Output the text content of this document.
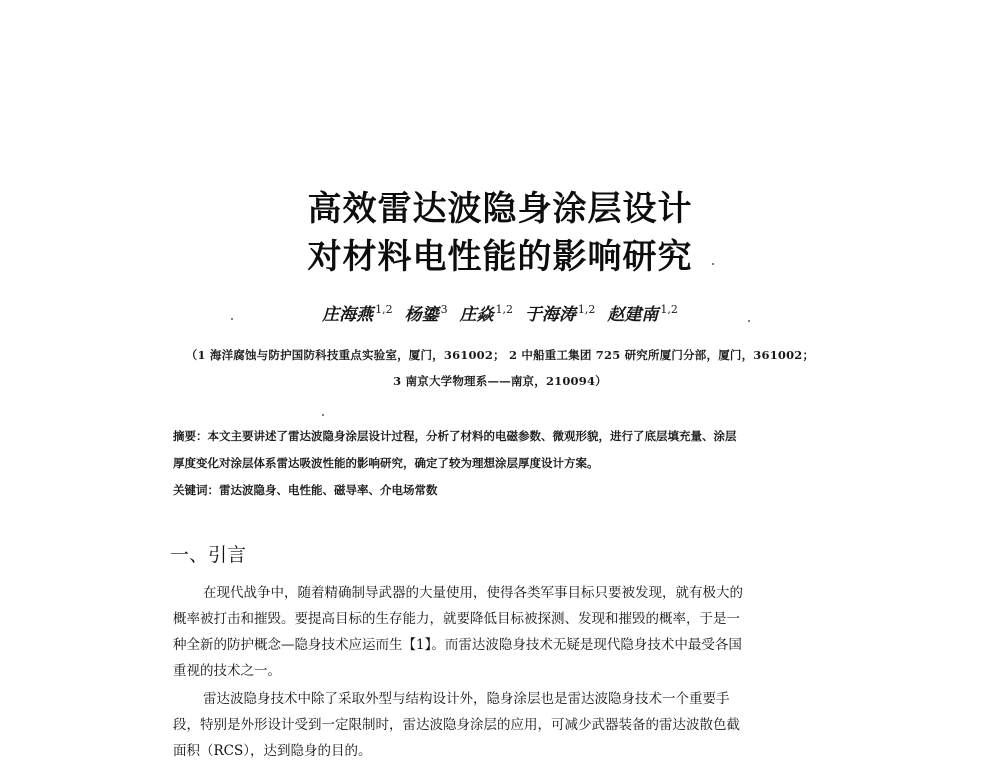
高效雷达波隐身涂层设计
对材料电性能的影响研究
庄海燕 $^{1,2}$ 杨鎏 $^3$ 庄焱 $^{1,2}$ 于海涛 $^{1,2}$ 赵建南 $^{1,2}$
（1 海洋腐蚀与防护国防科技重点实验室，厦门，361002； 2 中船重工集团 725 研究所厦门分部，厦门，361002；
3 南京大学物理系——南京，210094）
摘要：本文主要讲述了雷达波隐身涂层设计过程，分析了材料的电磁参数、微观形貌，进行了底层填充量、涂层
厚度变化对涂层体系雷达吸波性能的影响研究，确定了较为理想涂层厚度设计方案。
关键词：雷达波隐身、电性能、磁导率、介电场常数
一、引言
在现代战争中，随着精确制导武器的大量使用，使得各类军事目标只要被发现，就有极大的
概率被打击和摧毁。要提高目标的生存能力，就要降低目标被探测、发现和摧毁的概率，于是一
种全新的防护概念—隐身技术应运而生【1】。而雷达波隐身技术无疑是现代隐身技术中最受各国
重视的技术之一。
雷达波隐身技术中除了采取外型与结构设计外，隐身涂层也是雷达波隐身技术一个重要手
段，特别是外形设计受到一定限制时，雷达波隐身涂层的应用，可减少武器装备的雷达波散色截
面积（RCS），达到隐身的目的。
